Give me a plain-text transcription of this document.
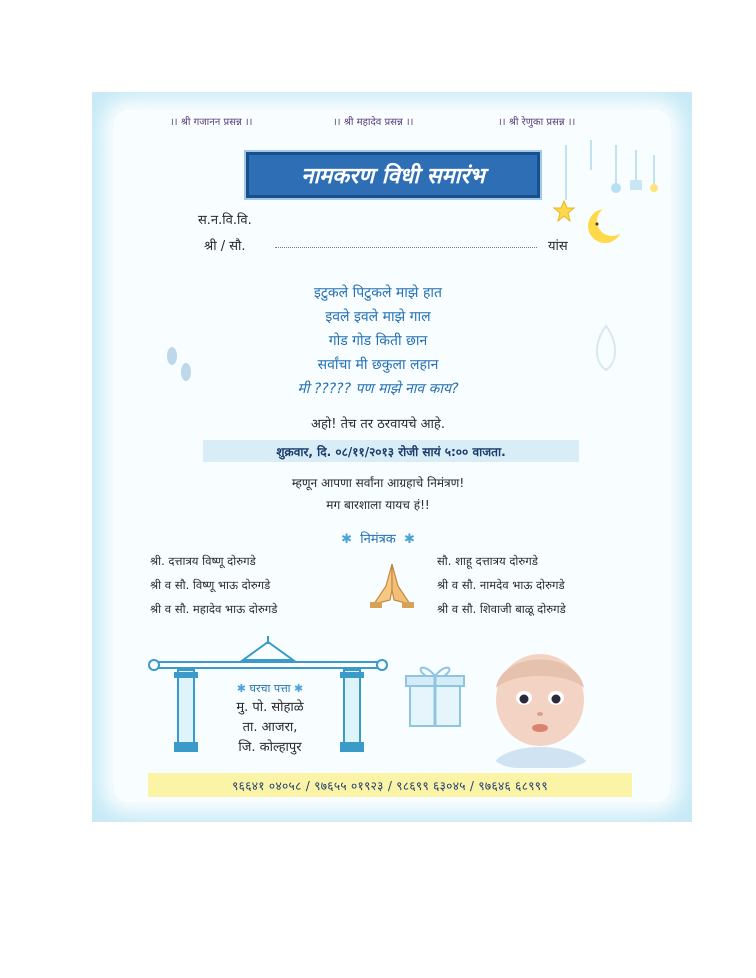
।। श्री गजानन प्रसन्न ।।	।। श्री महादेव प्रसन्न ।।	।। श्री रेणुका प्रसन्न ।।
नामकरण विधी समारंभ
स.न.वि.वि.
श्री / सौ.	यांस
इटुकले पिटुकले माझे हात
इवले इवले माझे गाल
गोड गोड किती छान
सर्वांचा मी छकुला लहान
मी ????? पण माझे नाव काय?
अहो! तेच तर ठरवायचे आहे.
शुक्रवार, दि. ०८/११/२०१३ रोजी सायं ५:०० वाजता.
म्हणून आपणा सर्वांना आग्रहाचे निमंत्रण!
मग बारशाला यायच हं!!
✱ निमंत्रक ✱
श्री. दत्तात्रय विष्णू दोरुगडे
श्री व सौ. विष्णू भाऊ दोरुगडे
श्री व सौ. महादेव भाऊ दोरुगडे
सौ. शाहू दत्तात्रय दोरुगडे
श्री व सौ. नामदेव भाऊ दोरुगडे
श्री व सौ. शिवाजी बाळू दोरुगडे
✱ घरचा पत्ता ✱
मु. पो. सोहाळे
ता. आजरा,
जि. कोल्हापुर
९६६४१ ०४०५८ / ९७६५५ ०१९२३ / ९८६९९ ६३०४५ / ९७६४६ ६८९९९
